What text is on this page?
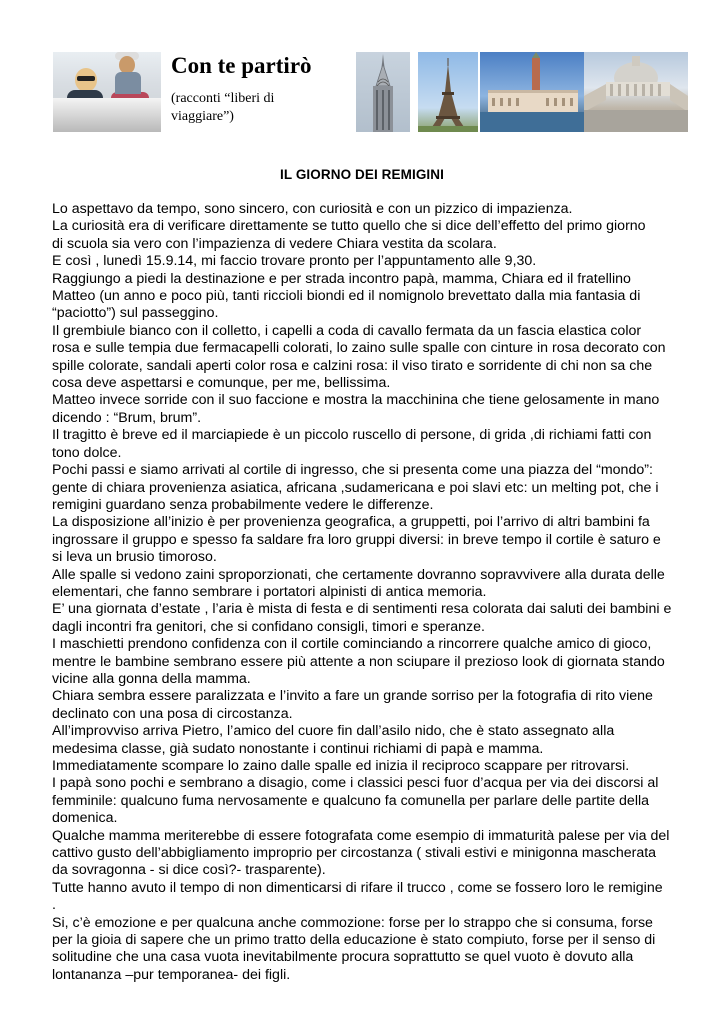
Con te partirò
(racconti “liberi di viaggiare”)
IL GIORNO DEI REMIGINI

Lo aspettavo da tempo, sono sincero, con curiosità e con un pizzico di impazienza.

La curiosità era di verificare direttamente se tutto quello che si dice dell’effetto del primo giorno

di scuola sia vero con l’impazienza di vedere Chiara vestita da scolara.

E così , lunedì 15.9.14, mi faccio trovare pronto per l’appuntamento alle 9,30.

Raggiungo a piedi la destinazione e per strada incontro papà, mamma, Chiara ed il fratellino

Matteo (un anno e poco più, tanti riccioli biondi ed il nomignolo brevettato dalla mia fantasia di

“paciotto”) sul passeggino.

Il grembiule bianco con il colletto, i capelli a coda di cavallo fermata da un fascia elastica color

rosa e sulle tempia due fermacapelli colorati, lo zaino sulle spalle con cinture in rosa decorato con

spille colorate, sandali aperti color rosa e calzini rosa: il viso tirato e sorridente di chi non sa che

cosa deve aspettarsi e comunque, per me, bellissima.

Matteo invece sorride con il suo faccione e mostra la macchinina che tiene gelosamente in mano

dicendo : “Brum, brum”.

Il tragitto è breve ed il marciapiede è un piccolo ruscello di persone, di grida ,di richiami fatti con

tono dolce.

Pochi passi e siamo arrivati al cortile di ingresso, che si presenta come una piazza del “mondo”:

gente di chiara provenienza asiatica, africana ,sudamericana e poi slavi etc: un melting pot, che i

remigini guardano senza probabilmente vedere le differenze.

La disposizione all’inizio è per provenienza geografica, a gruppetti, poi l’arrivo di altri bambini fa

ingrossare il gruppo e spesso fa saldare fra loro gruppi diversi: in breve tempo il cortile è saturo e

si leva un brusio timoroso.

Alle spalle si vedono zaini sproporzionati, che certamente dovranno sopravvivere alla durata delle

elementari, che fanno sembrare i portatori alpinisti di antica memoria.

E’ una giornata d’estate , l’aria è mista di festa e di sentimenti resa colorata dai saluti dei bambini e

dagli incontri fra genitori, che si confidano consigli, timori e speranze.

I maschietti prendono confidenza con il cortile cominciando a rincorrere qualche amico di gioco,

mentre le bambine sembrano essere più attente a non sciupare il prezioso look di giornata stando

vicine alla gonna della mamma.

Chiara sembra essere paralizzata e l’invito a fare un grande sorriso per la fotografia di rito viene

declinato con una posa di circostanza.

All’improvviso arriva Pietro, l’amico del cuore fin dall’asilo nido, che è stato assegnato alla

medesima classe, già sudato nonostante i continui richiami di papà e mamma.

Immediatamente scompare lo zaino dalle spalle ed inizia il reciproco scappare per ritrovarsi.

I papà sono pochi e sembrano a disagio, come i classici pesci fuor d’acqua per via dei discorsi al

femminile: qualcuno fuma nervosamente e qualcuno fa comunella per parlare delle partite della

domenica.

Qualche mamma meriterebbe di essere fotografata come esempio di immaturità palese per via del

cattivo gusto dell’abbigliamento improprio per circostanza ( stivali estivi e minigonna mascherata

da sovragonna - si dice così?- trasparente).

Tutte hanno avuto il tempo di non dimenticarsi di rifare il trucco , come se fossero loro le remigine

.

Si, c’è emozione e per qualcuna anche commozione: forse per lo strappo che si consuma, forse

per la gioia di sapere che un primo tratto della educazione è stato compiuto, forse per il senso di

solitudine che una casa vuota inevitabilmente procura soprattutto se quel vuoto è dovuto alla

lontananza –pur temporanea- dei figli.
